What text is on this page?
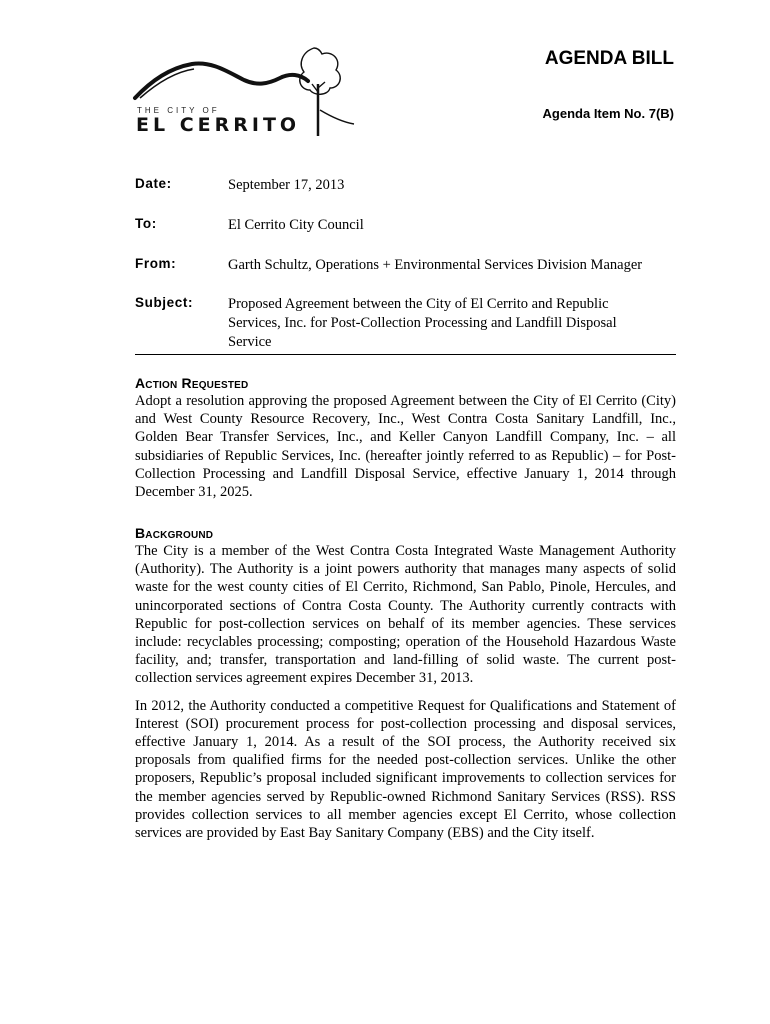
THE CITY OF
EL CERRITO
AGENDA BILL
Agenda Item No. 7(B)
Date:	September 17, 2013
To:	El Cerrito City Council
From:	Garth Schultz, Operations + Environmental Services Division Manager
Subject: Proposed Agreement between the City of El Cerrito and Republic Services, Inc. for Post-Collection Processing and Landfill Disposal Service
Action Requested

Adopt a resolution approving the proposed Agreement between the City of El Cerrito (City) and West County Resource Recovery, Inc., West Contra Costa Sanitary Landfill, Inc., Golden Bear Transfer Services, Inc., and Keller Canyon Landfill Company, Inc. – all subsidiaries of Republic Services, Inc. (hereafter jointly referred to as Republic) – for Post-Collection Processing and Landfill Disposal Service, effective January 1, 2014 through December 31, 2025.

Background

The City is a member of the West Contra Costa Integrated Waste Management Authority (Authority). The Authority is a joint powers authority that manages many aspects of solid waste for the west county cities of El Cerrito, Richmond, San Pablo, Pinole, Hercules, and unincorporated sections of Contra Costa County. The Authority currently contracts with Republic for post-collection services on behalf of its member agencies. These services include: recyclables processing; composting; operation of the Household Hazardous Waste facility, and; transfer, transportation and land-filling of solid waste. The current post-collection services agreement expires December 31, 2013.

In 2012, the Authority conducted a competitive Request for Qualifications and Statement of Interest (SOI) procurement process for post-collection processing and disposal services, effective January 1, 2014. As a result of the SOI process, the Authority received six proposals from qualified firms for the needed post-collection services. Unlike the other proposers, Republic’s proposal included significant improvements to collection services for the member agencies served by Republic-owned Richmond Sanitary Services (RSS). RSS provides collection services to all member agencies except El Cerrito, whose collection services are provided by East Bay Sanitary Company (EBS) and the City itself.
